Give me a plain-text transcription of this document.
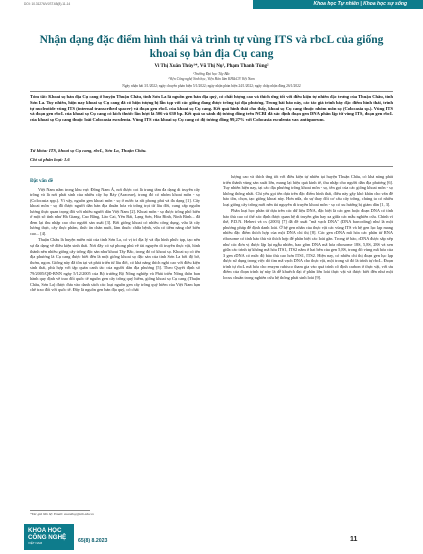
DOI: 10.31276/VJST.65(8).11-14	Khoa học Tự nhiên | Khoa học sự sống
Nhận dạng đặc điểm hình thái và trình tự vùng ITS và rbcL của giống khoai sọ bản địa Cụ cang
Vi Thị Xuân Thủy¹*, Vũ Thị Nụ¹, Phạm Thanh Tùng²
¹Trường Đại học Tây Bắc
²Viện Công nghệ Sinh học, Viện Hàn lâm KH&CN Việt Nam
Ngày nhận bài 3/1/2022; ngày chuyển phản biện 5/1/2022; ngày nhận phản biện 24/1/2022; ngày chấp nhận đăng 26/1/2022
Tóm tắt: Khoai sọ bản địa Cụ cang ở huyện Thuận Châu, tỉnh Sơn La là nguồn gen bản địa quý, có chất lượng cao và thích ứng tốt với điều kiện tự nhiên đặc trưng của Thuận Châu, tỉnh Sơn La. Tuy nhiên, hiện nay khoai sọ Cụ cang đã có hiện tượng bị lẫn tạp với các giống đang được trồng tại địa phương. Trong bài báo này, các tác giả trình bày đặc điểm hình thái, trình tự nucleotide vùng ITS (internal transcribed spacer) và đoạn gen rbcL của khoai sọ Cụ cang. Kết quả hình thái cho thấy, khoai sọ Cụ cang thuộc nhóm môn sọ (Colocasia sp.). Vùng ITS và đoạn gen rbcL của khoai sọ Cụ cang có kích thước lần lượt là 506 và 630 bp. Kết quả so sánh độ tương đồng trên NCBI đã xác định đoạn gen DNA phân lập từ vùng ITS, đoạn gen rbcL của khoai sọ Cụ cang thuộc loài Colocasia esculenta. Vùng ITS của khoai sọ Cụ cang có độ tương đồng 99,27% với Colocasia esculenta var. antiquorum.
Từ khóa: ITS, khoai sọ Cụ cang, rbcL, Sơn La, Thuận Châu.
Chỉ số phân loại: 1.6
Đặt vấn đề

Việt Nam nằm trong khu vực Đông Nam Á, nơi được coi là trung tâm đa dạng di truyền cây trồng và là nơi phát sinh của nhiều cây họ Ráy (Araceae), trong đó có nhóm khoai môn - sọ (Colocasia spp.). Vì vậy, nguồn gen khoai môn - sọ ở nước ta rất phong phú và đa dạng [1]. Cây khoai môn - sọ đã được người dân bản địa thuần hóa và trồng trọt từ lâu đời, cung cấp nguồn lương thực quan trọng đối với nhiều người dân Việt Nam [2]. Khoai môn - sọ được trồng phổ biến ở một số tỉnh như Hà Giang, Cao Bằng, Lào Cai, Yên Bái, Lạng Sơn, Hòa Bình, Ninh Bình... đã đem lại thu nhập cao cho người sản xuất [3]. Bởi giống khoai có nhiều công dụng, vừa là cây lương thực, cây thực phẩm, thức ăn chăn nuôi, làm thuốc chữa bệnh, vừa có tiềm năng chế biến cao... [4].

Thuận Châu là huyện miền núi của tỉnh Sơn La, có vị trí địa lý và địa hình phức tạp, tạo nên sự đa dạng về điều kiện sinh thái. Nơi đây có sự phong phú về tài nguyên di truyền thực vật, hình thành nên nhiều giống cây trồng đặc sản như khoai Tây Bắc, trong đó có khoai sọ. Khoai sọ có tên địa phương là Cụ cang được biết đến là một giống khoai sọ đặc sản của tỉnh Sơn La bởi độ bở, thơm, ngon. Giống này đã tồn tại và phát triển từ lâu đời, có khả năng thích nghi cao với điều kiện sinh thái, phù hợp với tập quán canh tác của người dân địa phương [5]. Theo Quyết định số 79/2005/QĐ-BNN ngày 5/12/2005 của Bộ trưởng Bộ Nông nghiệp và Phát triển Nông thôn ban hành quy định về trao đổi quốc tế nguồn gen cây trồng quý hiếm, giống khoai sọ Cụ cang (Thuận Châu, Sơn La) được đưa vào danh sách các loại nguồn gen cây trồng quý hiếm của Việt Nam hạn chế trao đổi với quốc tế. Đây là nguồn gen bản địa quý, có chất

lượng cao và thích ứng tốt với điều kiện tự nhiên tại huyện Thuận Châu, có khả năng phát triển thành vùng sản xuất lớn, mang lại hiệu quả kinh tế, thu nhập cho người dân địa phương [6]. Tuy nhiên hiện nay, tại các địa phương trồng khoai môn - sọ, tên gọi của các giống khoai môn - sọ không thống nhất. Chỉ yếu gọi tên dựa trên đặc điểm hình thái, điều này gây khó khăn cho vấn đề bảo tồn, chọn, tạo giống khoai này. Hơn nữa, do sự thay đổi cơ cấu cây trồng, chúng ta có nhiều loại giống cây trồng mới nên tài nguyên di truyền khoai môn - sọ có xu hướng bị giảm dần [1, 3].

Phân loại học phân tử dựa trên các dữ liệu DNA, đặc biệt là các gen hoặc đoạn DNA có tính bảo thủ cao có thể xác định được quan hệ di truyền gần hay xa giữa các mẫu nghiên cứu. Chính vì thế, P.D.N. Hebert và cs (2003) [7] đã đề xuất "mã vạch DNA" (DNA barcoding) như là một phương pháp để định danh loài. Ở hệ gen nhân của thực vật các vùng ITS và hệ gen lục lạp mang nhiều đặc điểm thích hợp của một DNA chỉ thị [8]. Các gen rDNA mã hóa các phân tử RNA ribosome có tính bảo thủ và thích hợp để phân biệt các loài gần. Trong tế bào, rDNA được sắp xếp như các đơn vị được lặp lại ngẫu nhiên, bao gồm DNA mã hóa ribosome 18S, 5,8S, 28S và xen giữa các trình tự không mã hóa ITS1, ITS2 nằm ở hai bên của gen 5,8S, trong đó vùng mã hóa của 3 gen rDNA có mức độ bảo thủ cao hơn ITS1, ITS2. Hiện nay, có nhiều chỉ thị đoạn gen lục lạp được sử dụng trong việc dò tìm mã vạch DNA cho thực vật, một trong số đó là trình tự rbcL. Đoạn trình tự rbcL mã hóa cho enzym rubisco tham gia vào quá trình cố định carbon ở thực vật, với ưu điểm của đoạn trình tự này là dễ khuếch đại ở phần lớn loài thực vật và được biết đến như một locus chuẩn trong nghiên cứu hệ thống phát sinh loài [9].

*Tác giả liên hệ: Email: xuanthuy@utb.edu.vn
KHOA HỌC
CÔNG NGHỆ
VIỆT NAM	65(8) 8.2023	11
